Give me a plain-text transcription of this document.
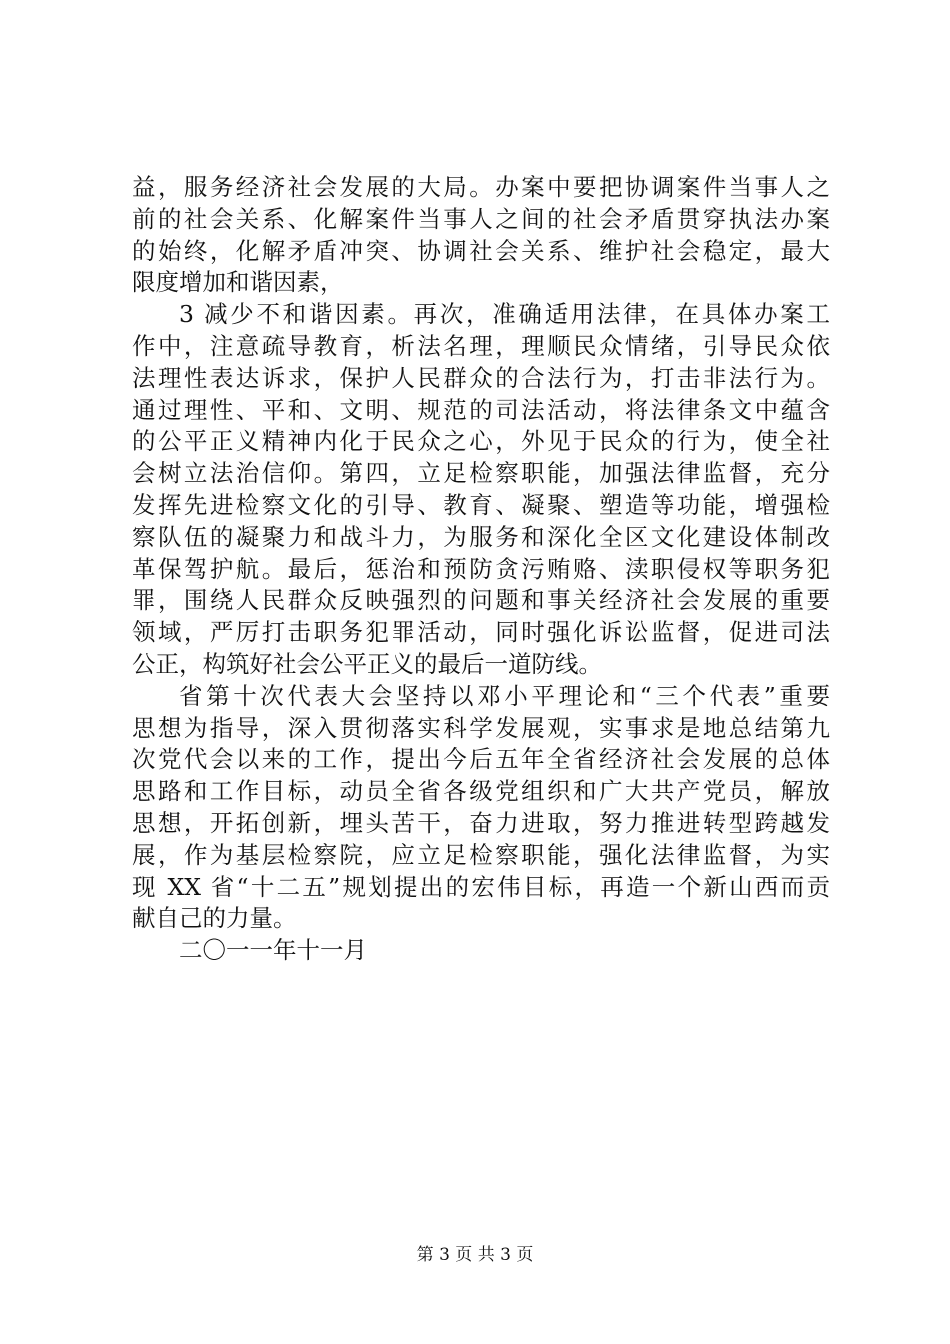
益，服务经济社会发展的大局。办案中要把协调案件当事人之
前的社会关系、化解案件当事人之间的社会矛盾贯穿执法办案
的始终，化解矛盾冲突、协调社会关系、维护社会稳定，最大
限度增加和谐因素，
3 减少不和谐因素。再次，准确适用法律，在具体办案工
作中，注意疏导教育，析法名理，理顺民众情绪，引导民众依
法理性表达诉求，保护人民群众的合法行为，打击非法行为。
通过理性、平和、文明、规范的司法活动，将法律条文中蕴含
的公平正义精神内化于民众之心，外见于民众的行为，使全社
会树立法治信仰。第四，立足检察职能，加强法律监督，充分
发挥先进检察文化的引导、教育、凝聚、塑造等功能，增强检
察队伍的凝聚力和战斗力，为服务和深化全区文化建设体制改
革保驾护航。最后，惩治和预防贪污贿赂、渎职侵权等职务犯
罪，围绕人民群众反映强烈的问题和事关经济社会发展的重要
领域，严厉打击职务犯罪活动，同时强化诉讼监督，促进司法
公正，构筑好社会公平正义的最后一道防线。
省第十次代表大会坚持以邓小平理论和“三个代表”重要
思想为指导，深入贯彻落实科学发展观，实事求是地总结第九
次党代会以来的工作，提出今后五年全省经济社会发展的总体
思路和工作目标，动员全省各级党组织和广大共产党员，解放
思想，开拓创新，埋头苦干，奋力进取，努力推进转型跨越发
展，作为基层检察院，应立足检察职能，强化法律监督，为实
现 XX 省“十二五”规划提出的宏伟目标，再造一个新山西而贡
献自己的力量。
二〇一一年十一月
第 3 页 共 3 页
